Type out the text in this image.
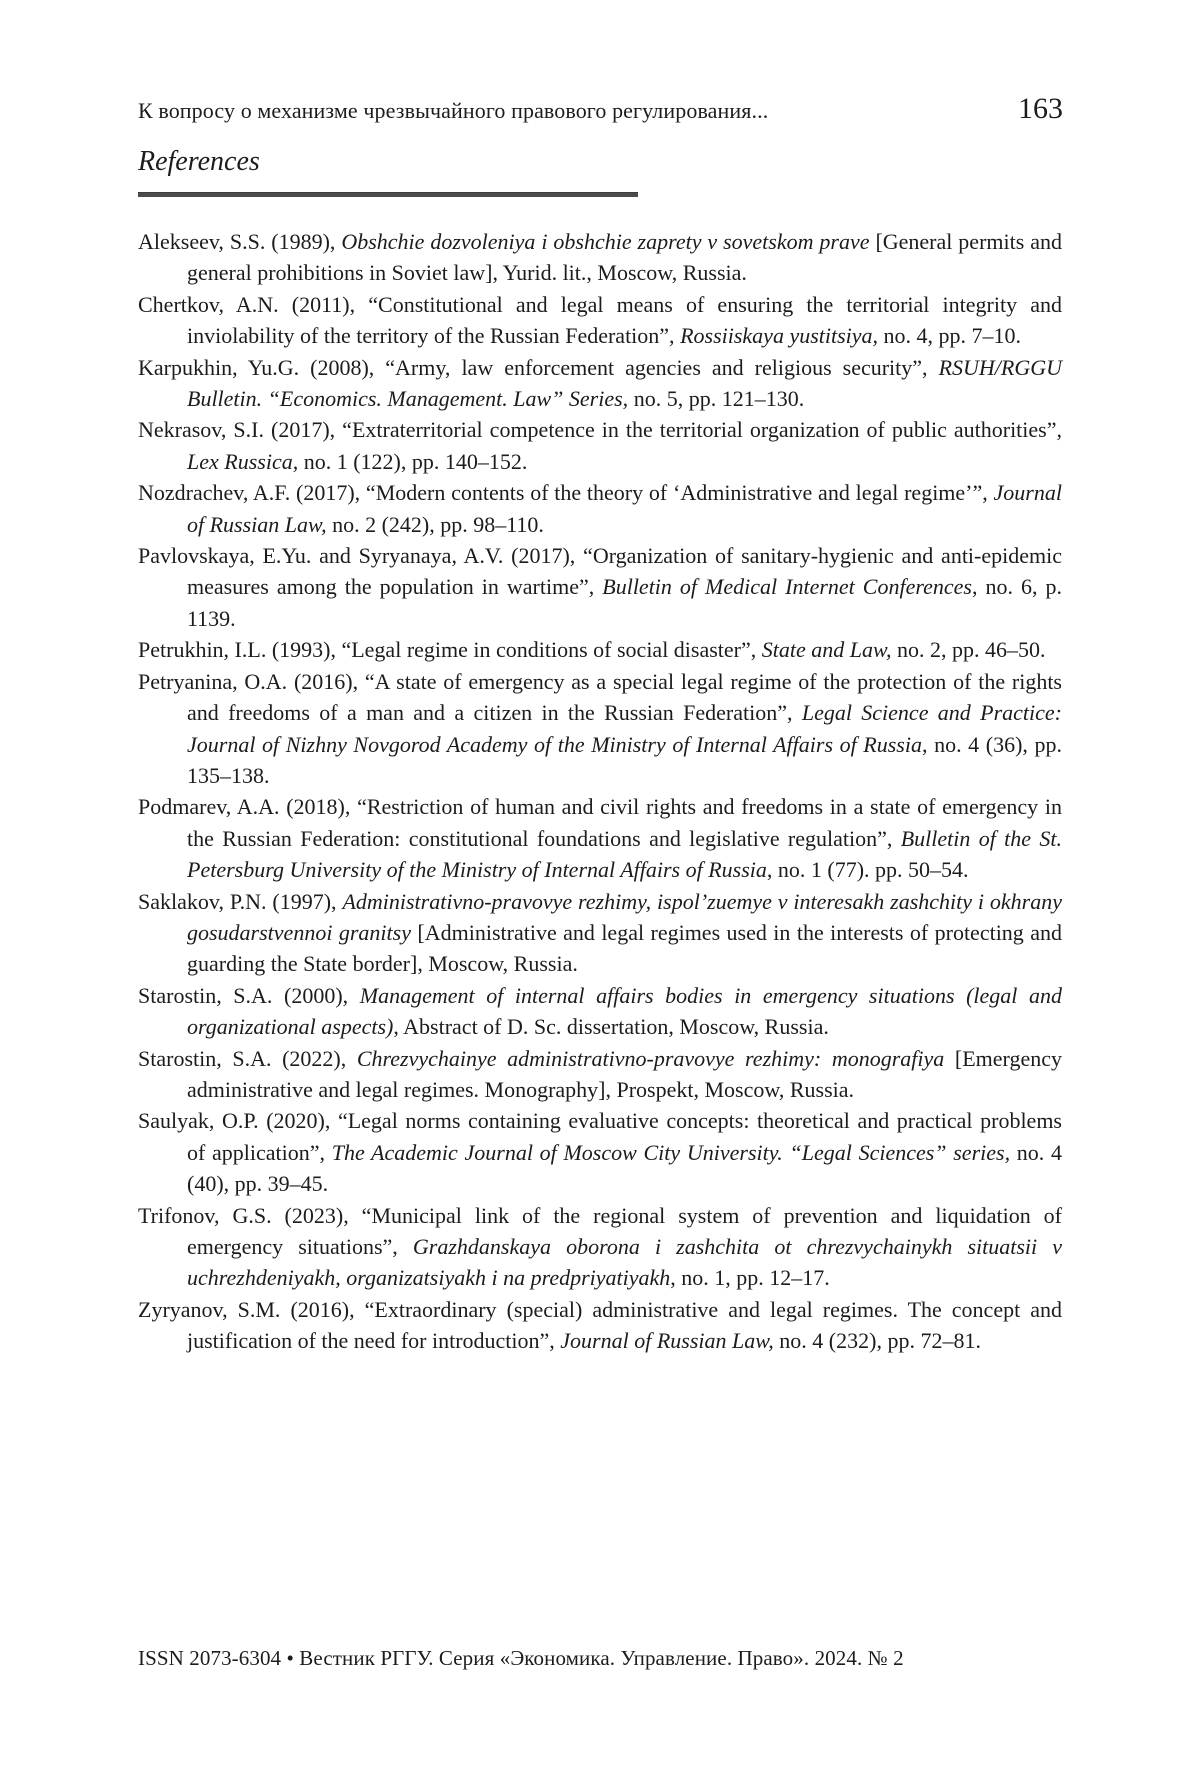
К вопросу о механизме чрезвычайного правового регулирования...	163
References

Alekseev, S.S. (1989), Obshchie dozvoleniya i obshchie zaprety v sovetskom prave [General permits and general prohibitions in Soviet law], Yurid. lit., Moscow, Russia.

Chertkov, A.N. (2011), “Constitutional and legal means of ensuring the territorial integrity and inviolability of the territory of the Russian Federation”, Rossiiskaya yustitsiya, no. 4, pp. 7–10.

Karpukhin, Yu.G. (2008), “Army, law enforcement agencies and religious security”, RSUH/RGGU Bulletin. “Economics. Management. Law” Series, no. 5, pp. 121–130.

Nekrasov, S.I. (2017), “Extraterritorial competence in the territorial organization of public authorities”, Lex Russica, no. 1 (122), pp. 140–152.

Nozdrachev, A.F. (2017), “Modern contents of the theory of ‘Administrative and legal regime’”, Journal of Russian Law, no. 2 (242), pp. 98–110.

Pavlovskaya, E.Yu. and Syryanaya, A.V. (2017), “Organization of sanitary-hygienic and anti-epidemic measures among the population in wartime”, Bulletin of Medical Internet Conferences, no. 6, p. 1139.

Petrukhin, I.L. (1993), “Legal regime in conditions of social disaster”, State and Law, no. 2, pp. 46–50.

Petryanina, O.A. (2016), “A state of emergency as a special legal regime of the protection of the rights and freedoms of a man and a citizen in the Russian Federation”, Legal Science and Practice: Journal of Nizhny Novgorod Academy of the Ministry of Internal Affairs of Russia, no. 4 (36), pp. 135–138.

Podmarev, A.A. (2018), “Restriction of human and civil rights and freedoms in a state of emergency in the Russian Federation: constitutional foundations and legislative regulation”, Bulletin of the St. Petersburg University of the Ministry of Internal Affairs of Russia, no. 1 (77). pp. 50–54.

Saklakov, P.N. (1997), Administrativno-pravovye rezhimy, ispol’zuemye v interesakh zashchity i okhrany gosudarstvennoi granitsy [Administrative and legal regimes used in the interests of protecting and guarding the State border], Moscow, Russia.

Starostin, S.A. (2000), Management of internal affairs bodies in emergency situations (legal and organizational aspects), Abstract of D. Sc. dissertation, Moscow, Russia.

Starostin, S.A. (2022), Chrezvychainye administrativno-pravovye rezhimy: monografiya [Emergency administrative and legal regimes. Monography], Prospekt, Moscow, Russia.

Saulyak, O.P. (2020), “Legal norms containing evaluative concepts: theoretical and practical problems of application”, The Academic Journal of Moscow City University. “Legal Sciences” series, no. 4 (40), pp. 39–45.

Trifonov, G.S. (2023), “Municipal link of the regional system of prevention and liquidation of emergency situations”, Grazhdanskaya oborona i zashchita ot chrezvychainykh situatsii v uchrezhdeniyakh, organizatsiyakh i na predpriyatiyakh, no. 1, pp. 12–17.

Zyryanov, S.M. (2016), “Extraordinary (special) administrative and legal regimes. The concept and justification of the need for introduction”, Journal of Russian Law, no. 4 (232), pp. 72–81.

ISSN 2073-6304 • Вестник РГГУ. Серия «Экономика. Управление. Право». 2024. № 2
